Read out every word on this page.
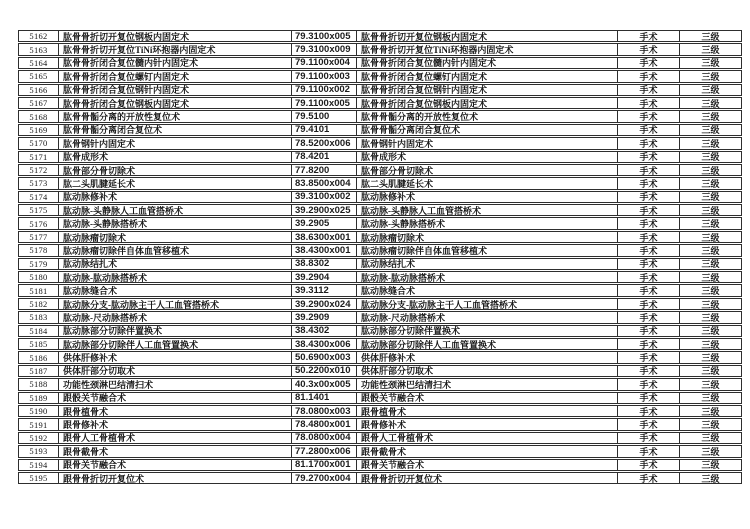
5162	肱骨骨折切开复位钢板内固定术	79.3100x005	肱骨骨折切开复位钢板内固定术	手术	三级
5163	肱骨骨折切开复位TiNi环抱器内固定术	79.3100x009	肱骨骨折切开复位TiNi环抱器内固定术	手术	三级
5164	肱骨骨折闭合复位髓内针内固定术	79.1100x004	肱骨骨折闭合复位髓内针内固定术	手术	三级
5165	肱骨骨折闭合复位螺钉内固定术	79.1100x003	肱骨骨折闭合复位螺钉内固定术	手术	三级
5166	肱骨骨折闭合复位钢针内固定术	79.1100x002	肱骨骨折闭合复位钢针内固定术	手术	三级
5167	肱骨骨折闭合复位钢板内固定术	79.1100x005	肱骨骨折闭合复位钢板内固定术	手术	三级
5168	肱骨骨骺分离的开放性复位术	79.5100	肱骨骨骺分离的开放性复位术	手术	三级
5169	肱骨骨骺分离闭合复位术	79.4101	肱骨骨骺分离闭合复位术	手术	三级
5170	肱骨钢针内固定术	78.5200x006	肱骨钢针内固定术	手术	三级
5171	肱骨成形术	78.4201	肱骨成形术	手术	三级
5172	肱骨部分骨切除术	77.8200	肱骨部分骨切除术	手术	三级
5173	肱二头肌腱延长术	83.8500x004	肱二头肌腱延长术	手术	三级
5174	肱动脉修补术	39.3100x002	肱动脉修补术	手术	三级
5175	肱动脉-头静脉人工血管搭桥术	39.2900x025	肱动脉-头静脉人工血管搭桥术	手术	三级
5176	肱动脉-头静脉搭桥术	39.2905	肱动脉-头静脉搭桥术	手术	三级
5177	肱动脉瘤切除术	38.6300x001	肱动脉瘤切除术	手术	三级
5178	肱动脉瘤切除伴自体血管移植术	38.4300x001	肱动脉瘤切除伴自体血管移植术	手术	三级
5179	肱动脉结扎术	38.8302	肱动脉结扎术	手术	三级
5180	肱动脉-肱动脉搭桥术	39.2904	肱动脉-肱动脉搭桥术	手术	三级
5181	肱动脉缝合术	39.3112	肱动脉缝合术	手术	三级
5182	肱动脉分支-肱动脉主干人工血管搭桥术	39.2900x024	肱动脉分支-肱动脉主干人工血管搭桥术	手术	三级
5183	肱动脉-尺动脉搭桥术	39.2909	肱动脉-尺动脉搭桥术	手术	三级
5184	肱动脉部分切除伴置换术	38.4302	肱动脉部分切除伴置换术	手术	三级
5185	肱动脉部分切除伴人工血管置换术	38.4300x006	肱动脉部分切除伴人工血管置换术	手术	三级
5186	供体肝修补术	50.6900x003	供体肝修补术	手术	三级
5187	供体肝部分切取术	50.2200x010	供体肝部分切取术	手术	三级
5188	功能性颈淋巴结清扫术	40.3x00x005	功能性颈淋巴结清扫术	手术	三级
5189	跟骰关节融合术	81.1401	跟骰关节融合术	手术	三级
5190	跟骨植骨术	78.0800x003	跟骨植骨术	手术	三级
5191	跟骨修补术	78.4800x001	跟骨修补术	手术	三级
5192	跟骨人工骨植骨术	78.0800x004	跟骨人工骨植骨术	手术	三级
5193	跟骨截骨术	77.2800x006	跟骨截骨术	手术	三级
5194	跟骨关节融合术	81.1700x001	跟骨关节融合术	手术	三级
5195	跟骨骨折切开复位术	79.2700x004	跟骨骨折切开复位术	手术	三级
